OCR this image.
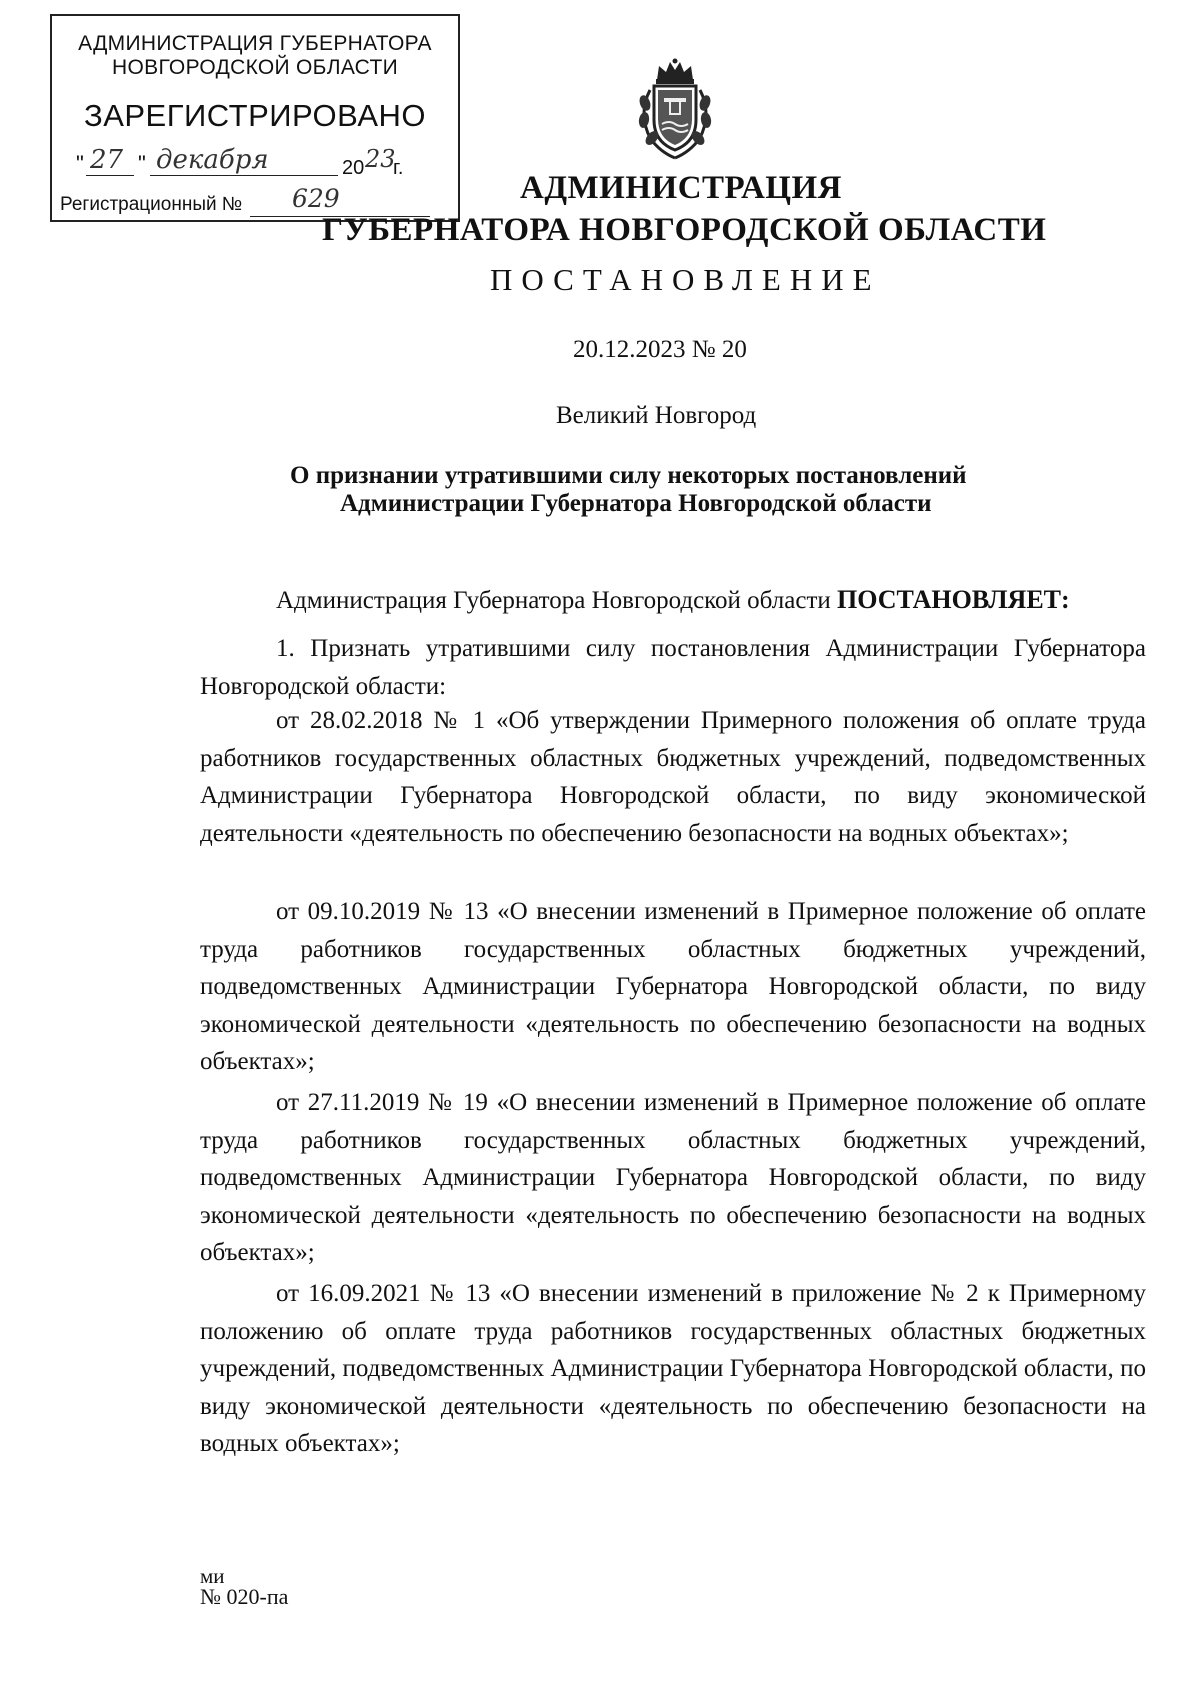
АДМИНИСТРАЦИЯ ГУБЕРНАТОРА
НОВГОРОДСКОЙ ОБЛАСТИ
ЗАРЕГИСТРИРОВАНО
" 27 " декабря	20 23
г.
Регистрационный № 629	АДМИНИСТРАЦИЯ
ГУБЕРНАТОРА НОВГОРОДСКОЙ ОБЛАСТИ
ПОСТАНОВЛЕНИЕ
20.12.2023 № 20
Великий Новгород
О признании утратившими силу некоторых постановлений
Администрации Губернатора Новгородской области
Администрация Губернатора Новгородской области ПОСТАНОВЛЯЕТ:
1. Признать утратившими силу постановления Администрации Губернатора Новгородской области:
от 28.02.2018 № 1 «Об утверждении Примерного положения об оплате труда работников государственных областных бюджетных учреждений, подведомственных Администрации Губернатора Новгородской области, по виду экономической деятельности «деятельность по обеспечению безопасности на водных объектах»;
от 09.10.2019 № 13 «О внесении изменений в Примерное положение об оплате труда работников государственных областных бюджетных учреждений, подведомственных Администрации Губернатора Новгородской области, по виду экономической деятельности «деятельность по обеспечению безопасности на водных объектах»;
от 27.11.2019 № 19 «О внесении изменений в Примерное положение об оплате труда работников государственных областных бюджетных учреждений, подведомственных Администрации Губернатора Новгородской области, по виду экономической деятельности «деятельность по обеспечению безопасности на водных объектах»;
от 16.09.2021 № 13 «О внесении изменений в приложение № 2 к Примерному положению об оплате труда работников государственных областных бюджетных учреждений, подведомственных Администрации Губернатора Новгородской области, по виду экономической деятельности «деятельность по обеспечению безопасности на водных объектах»;
ми
№ 020-па
